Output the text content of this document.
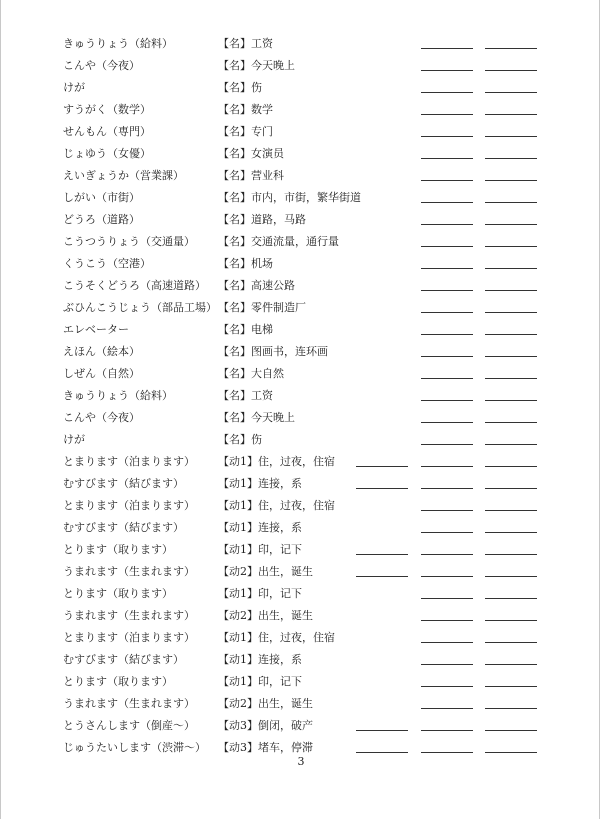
きゅうりょう（給料）	【名】工资
こんや（今夜）	【名】今天晚上
けが	【名】伤
すうがく（数学）	【名】数学
せんもん（専門）	【名】专门
じょゆう（女優）	【名】女演员
えいぎょうか（営業課）	【名】营业科
しがい（市街）	【名】市内，市街，繁华街道
どうろ（道路）	【名】道路，马路
こうつうりょう（交通量） 【名】交通流量，通行量
くうこう（空港）	【名】机场
こうそくどうろ（高速道路） 【名】高速公路
ぶひんこうじょう（部品工場） 【名】零件制造厂
エレベーター	【名】电梯
えほん（絵本）	【名】图画书，连环画
しぜん（自然）	【名】大自然
きゅうりょう（給料）	【名】工资
こんや（今夜）	【名】今天晚上
けが	【名】伤
とまります（泊まります） 【动1】住，过夜，住宿
むすびます（結びます）	【动1】连接，系
とまります（泊まります） 【动1】住，过夜，住宿
むすびます（結びます）	【动1】连接，系
とります（取ります）	【动1】印，记下
うまれます（生まれます） 【动2】出生，诞生
とります（取ります）	【动1】印，记下
うまれます（生まれます） 【动2】出生，诞生
とまります（泊まります） 【动1】住，过夜，住宿
むすびます（結びます）	【动1】连接，系
とります（取ります）	【动1】印，记下
うまれます（生まれます） 【动2】出生，诞生
とうさんします（倒産〜） 【动3】倒闭，破产
じゅうたいします（渋滞〜） 【动3】堵车，停滞
3
